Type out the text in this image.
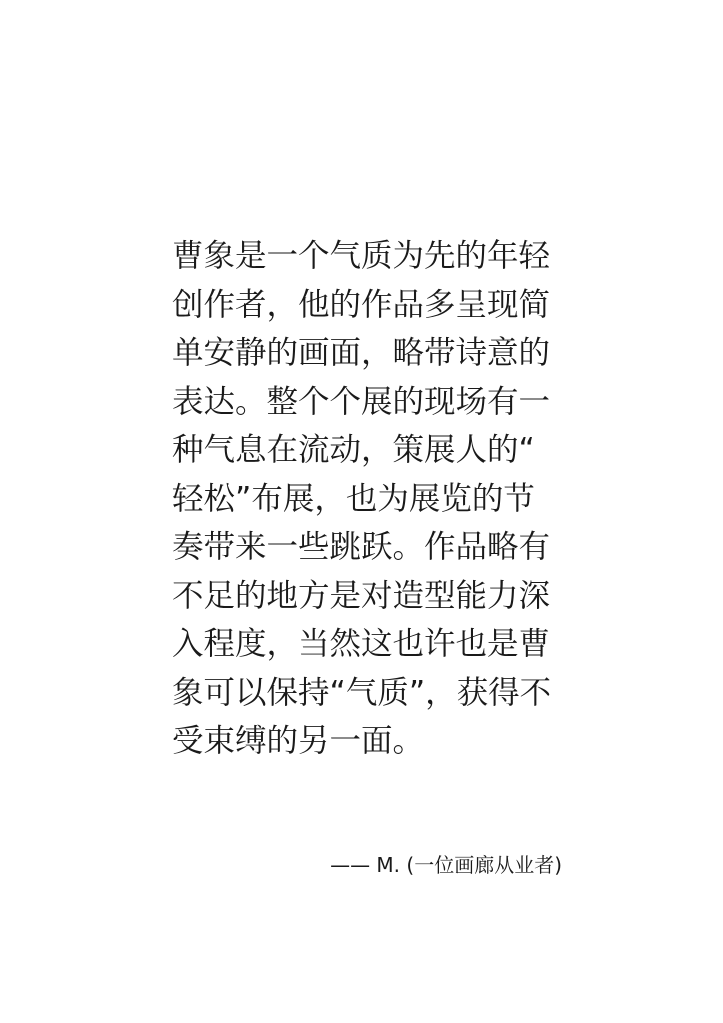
曹象是一个气质为先的年轻
创作者，他的作品多呈现简
单安静的画面，略带诗意的
表达。整个个展的现场有一
种气息在流动，策展人的“
轻松”布展，也为展览的节
奏带来一些跳跃。作品略有
不足的地方是对造型能力深
入程度，当然这也许也是曹
象可以保持“气质”，获得不
受束缚的另一面。
—— M. (一位画廊从业者)
